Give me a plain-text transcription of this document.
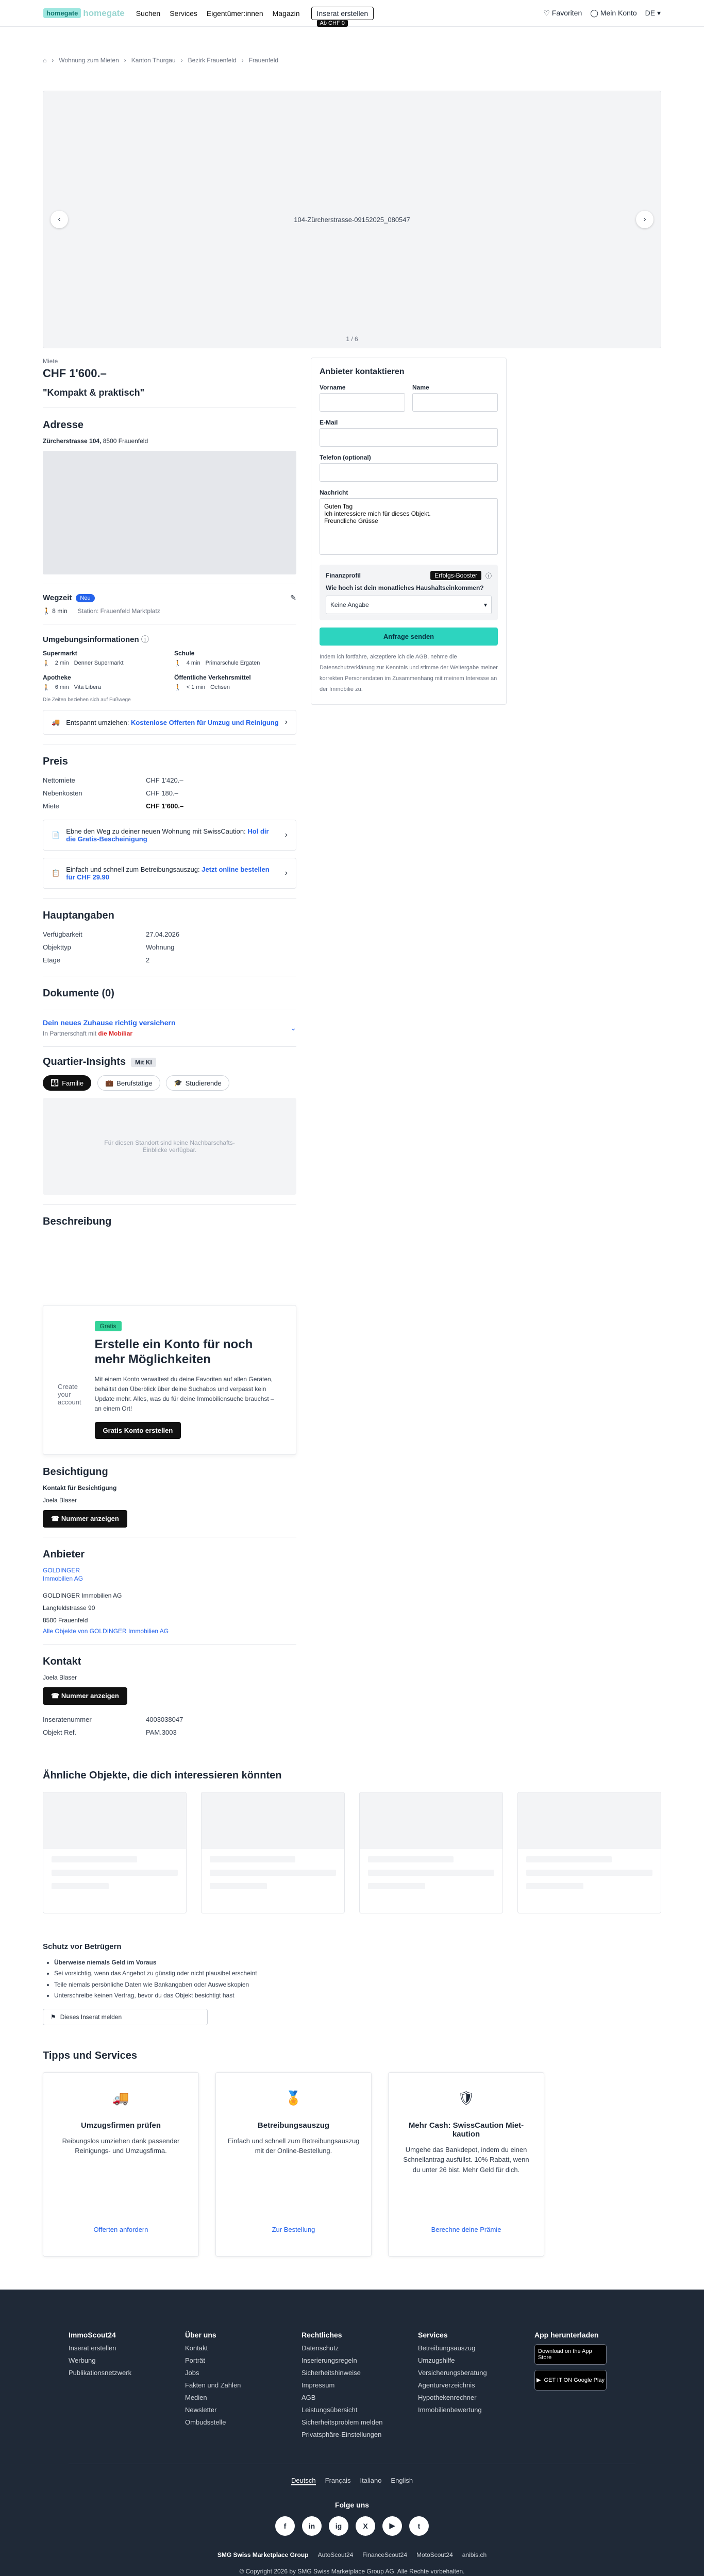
homegate homegate Suchen Services Eigentümer:innen Magazin	Inserat erstellen
Ab CHF 0
♡ Favoriten ◯ Mein Konto DE ▾
⌂ › Wohnung zum Mieten › Kanton Thurgau › Bezirk Frauenfeld › Frauenfeld
104-Zürcherstrasse-09152025_080547
‹	›
1 / 6
Miete
CHF 1'600.–
"Kompakt & praktisch"
Adresse
Zürcherstrasse 104, 8500 Frauenfeld
Wegzeit	Neu	✎
🚶 8 min Station: Frauenfeld Marktplatz
Umgebungsinformationen ⓘ
Supermarkt
🚶 2 min Denner Supermarkt
Schule
🚶 4 min Primarschule Ergaten
Apotheke
🚶 6 min Vita Libera
Öffentliche Verkehrsmittel
🚶 < 1 min Ochsen
Die Zeiten beziehen sich auf Fußwege
🚚 Entspannt umziehen: Kostenlose Offerten für Umzug und Reinigung ›
Preis
Nettomiete	CHF 1'420.–
Nebenkosten	CHF 180.–
Miete	CHF 1'600.–
📄 Ebne den Weg zu deiner neuen Wohnung mit SwissCaution: Hol dir die Gratis-Bescheinigung	›
📋 Einfach und schnell zum Betreibungsauszug: Jetzt online bestellen für CHF 29.90	›
Hauptangaben
Verfügbarkeit	27.04.2026
Objekttyp	Wohnung
Etage	2
Dokumente (0)
Dein neues Zuhause richtig versichern
In Partnerschaft mit die Mobiliar
⌄
Quartier-Insights	Mit KI
👪 Familie
	💼 Berufstätige
	🎓 Studierende
Für diesen Standort sind keine Nachbarschafts-Einblicke verfügbar.
Beschreibung
Create your account
Gratis
Erstelle ein Konto für noch mehr Möglichkeiten
Mit einem Konto verwaltest du deine Favoriten auf allen Geräten, behältst den Überblick über deine Suchabos und verpasst kein Update mehr. Alles, was du für deine Immobiliensuche brauchst – an einem Ort!
Gratis Konto erstellen
Besichtigung
Kontakt für Besichtigung
Joela Blaser
☎ Nummer anzeigen
Anbieter
GOLDINGER
Immobilien AG
GOLDINGER Immobilien AG
Langfeldstrasse 90
8500 Frauenfeld
Alle Objekte von GOLDINGER Immobilien AG
Kontakt
Joela Blaser
☎ Nummer anzeigen
Inseratenummer	4003038047
Objekt Ref.	PAM.3003
Anbieter kontaktieren
Vorname	Name
E-Mail
Telefon (optional)
Nachricht
Guten Tag Ich interessiere mich für dieses Objekt. Freundliche Grüsse
Finanzprofil	Erfolgs-Booster	ⓘ
Wie hoch ist dein monatliches Haushaltseinkommen?
Keine Angabe	▾
Anfrage senden
Indem ich fortfahre, akzeptiere ich die AGB, nehme die Datenschutzerklärung zur Kenntnis und stimme der Weitergabe meiner korrekten Personendaten im Zusammenhang mit meinem Interesse an der Immobilie zu.
Ähnliche Objekte, die dich interessieren könnten
Schutz vor Betrügern
• Überweise niemals Geld im Voraus
• Sei vorsichtig, wenn das Angebot zu günstig oder nicht plausibel erscheint
• Teile niemals persönliche Daten wie Bankangaben oder Ausweiskopien
• Unterschreibe keinen Vertrag, bevor du das Objekt besichtigt hast
⚑ Dieses Inserat melden
Tipps und Services
🚚
Umzugsfirmen prüfen

Reibungslos umziehen dank passender Reinigungs- und Umzugsfirma.

Offerten anfordern
🏅
Betreibungsauszug

Einfach und schnell zum Betreibungsauszug mit der Online-Bestellung.

Zur Bestellung
🛡
Mehr Cash: SwissCaution Miet-kaution

Umgehe das Bankdepot, indem du einen Schnellantrag ausfüllst. 10% Rabatt, wenn du unter 26 bist. Mehr Geld für dich.

Berechne deine Prämie
ImmoScout24
Inserat erstellen
Werbung
Publikationsnetzwerk
Über uns
Kontakt
Porträt
Jobs
Fakten und Zahlen
Medien
Newsletter
Ombudsstelle
Rechtliches
Datenschutz
Inserierungsregeln
Sicherheitshinweise
Impressum
AGB
Leistungsübersicht
Sicherheitsproblem melden
Privatsphäre-Einstellungen
Services
Betreibungsauszug
Umzugshilfe
Versicherungsberatung
Agenturverzeichnis
Hypothekenrechner
Immobilienbewertung
App herunterladen
Download on the App Store
▶ GET IT ON Google Play
Deutsch Français Italiano English
Folge uns
f	in	ig	X	▶	t
SMG Swiss Marketplace Group AutoScout24 FinanceScout24 MotoScout24 anibis.ch
© Copyright 2026 by SMG Swiss Marketplace Group AG. Alle Rechte vorbehalten.
